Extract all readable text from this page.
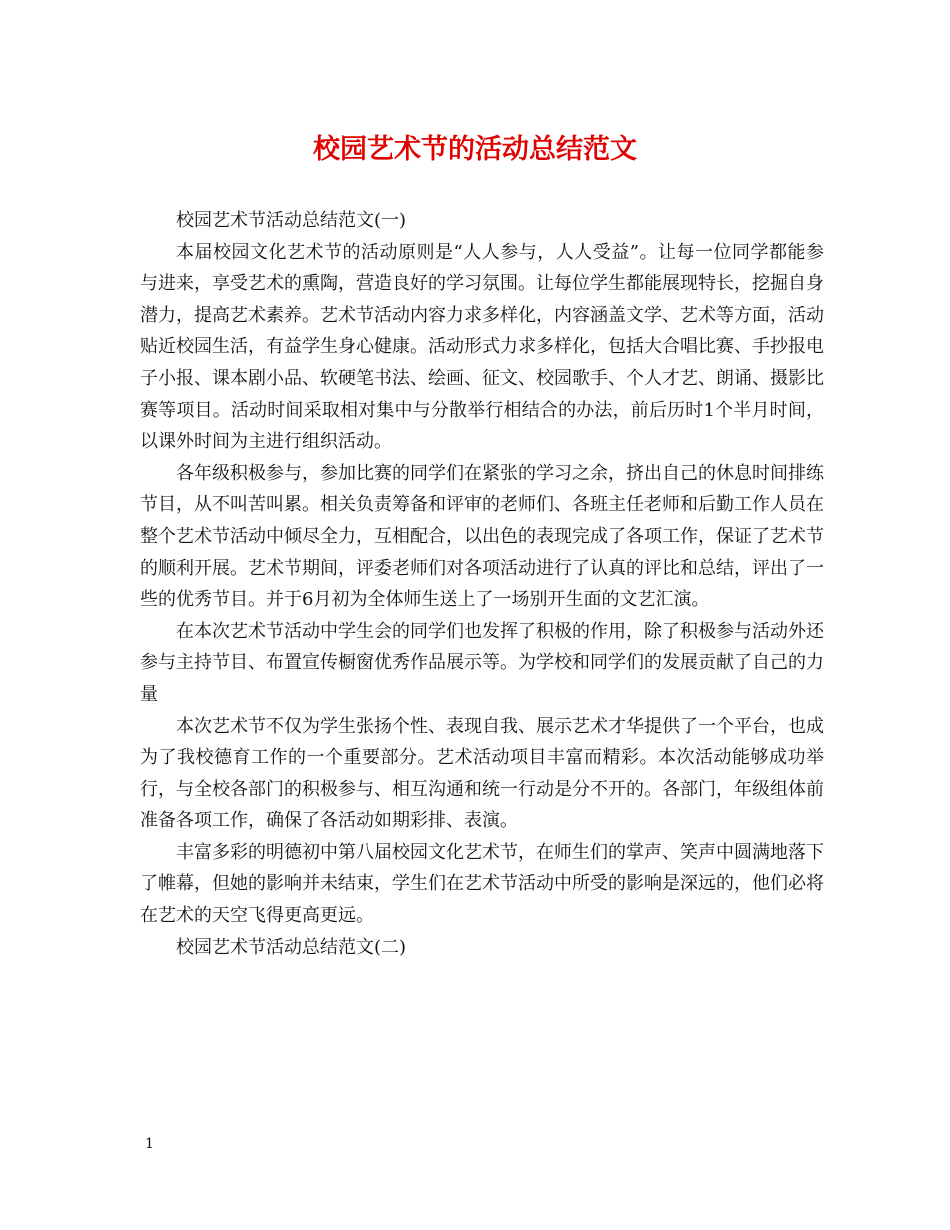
校园艺术节的活动总结范文

校园艺术节活动总结范文(一)

本届校园文化艺术节的活动原则是“人人参与，人人受益”。让每一位同学都能参与进来，享受艺术的熏陶，营造良好的学习氛围。让每位学生都能展现特长，挖掘自身潜力，提高艺术素养。艺术节活动内容力求多样化，内容涵盖文学、艺术等方面，活动贴近校园生活，有益学生身心健康。活动形式力求多样化，包括大合唱比赛、手抄报电子小报、课本剧小品、软硬笔书法、绘画、征文、校园歌手、个人才艺、朗诵、摄影比赛等项目。活动时间采取相对集中与分散举行相结合的办法，前后历时1个半月时间，以课外时间为主进行组织活动。

各年级积极参与，参加比赛的同学们在紧张的学习之余，挤出自己的休息时间排练节目，从不叫苦叫累。相关负责筹备和评审的老师们、各班主任老师和后勤工作人员在整个艺术节活动中倾尽全力，互相配合，以出色的表现完成了各项工作，保证了艺术节的顺利开展。艺术节期间，评委老师们对各项活动进行了认真的评比和总结，评出了一些的优秀节目。并于6月初为全体师生送上了一场别开生面的文艺汇演。

在本次艺术节活动中学生会的同学们也发挥了积极的作用，除了积极参与活动外还参与主持节目、布置宣传橱窗优秀作品展示等。为学校和同学们的发展贡献了自己的力量

本次艺术节不仅为学生张扬个性、表现自我、展示艺术才华提供了一个平台，也成为了我校德育工作的一个重要部分。艺术活动项目丰富而精彩。本次活动能够成功举行，与全校各部门的积极参与、相互沟通和统一行动是分不开的。各部门，年级组体前准备各项工作，确保了各活动如期彩排、表演。

丰富多彩的明德初中第八届校园文化艺术节，在师生们的掌声、笑声中圆满地落下了帷幕，但她的影响并未结束，学生们在艺术节活动中所受的影响是深远的，他们必将在艺术的天空飞得更高更远。

校园艺术节活动总结范文(二)

1
